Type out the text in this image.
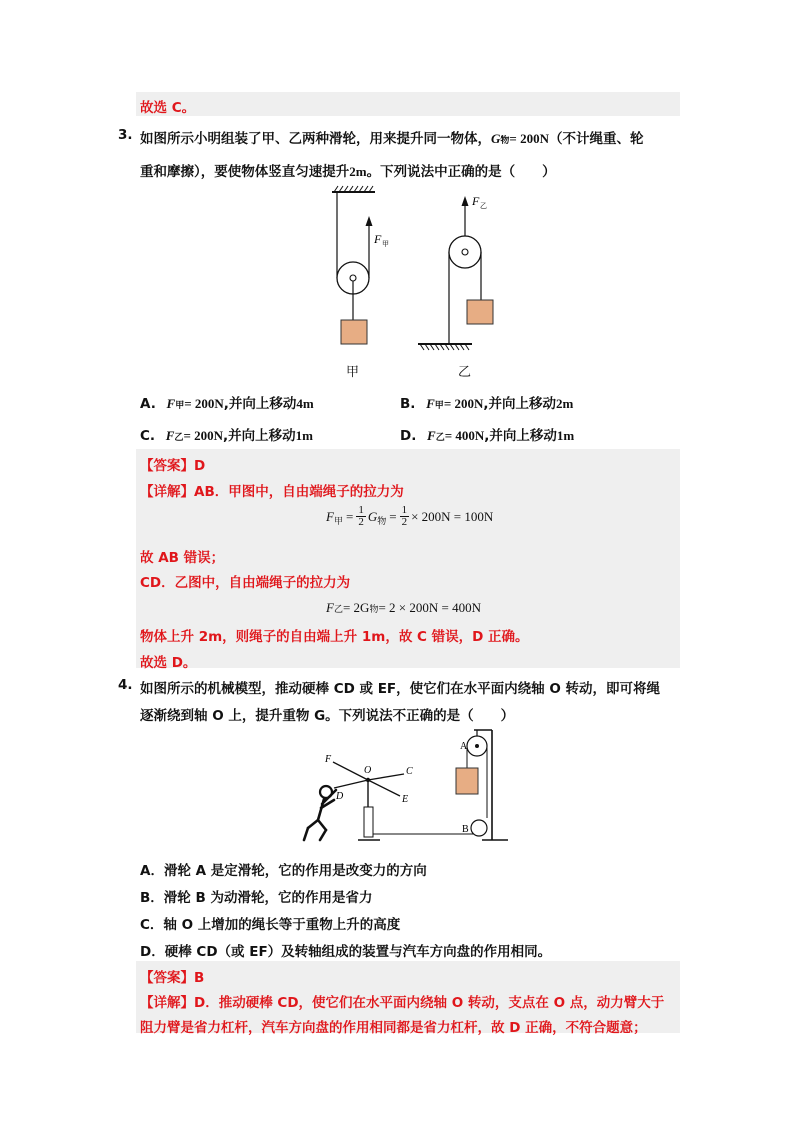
故选 C。
3. 如图所示小明组装了甲、乙两种滑轮，用来提升同一物体，G物= 200N（不计绳重、轮
重和摩擦），要使物体竖直匀速提升2m。下列说法中正确的是（　　）
F 甲
F 乙
甲	乙
A. F甲= 200N,并向上移动4m	B. F甲= 200N,并向上移动2m
C. F乙= 200N,并向上移动1m	D. F乙= 400N,并向上移动1m
【答案】D
【详解】AB．甲图中，自由端绳子的拉力为
F 甲 = $\frac{1}{2}$ G 物 = $\frac{1}{2} \times 200N = 100N$
故 AB 错误；
CD．乙图中，自由端绳子的拉力为
F乙= 2G物= 2 × 200N = 400N
物体上升 2m，则绳子的自由端上升 1m，故 C 错误，D 正确。
故选 D。
4. 如图所示的机械模型，推动硬棒 CD 或 EF，使它们在水平面内绕轴 O 转动，即可将绳
逐渐绕到轴 O 上，提升重物 G。下列说法不正确的是（　　）
F
O	C
E
D
A
B
A．滑轮 A 是定滑轮，它的作用是改变力的方向
B．滑轮 B 为动滑轮，它的作用是省力
C．轴 O 上增加的绳长等于重物上升的高度
D．硬棒 CD（或 EF）及转轴组成的装置与汽车方向盘的作用相同。
【答案】B
【详解】D．推动硬棒 CD，使它们在水平面内绕轴 O 转动，支点在 O 点，动力臂大于
阻力臂是省力杠杆，汽车方向盘的作用相同都是省力杠杆，故 D 正确，不符合题意；
